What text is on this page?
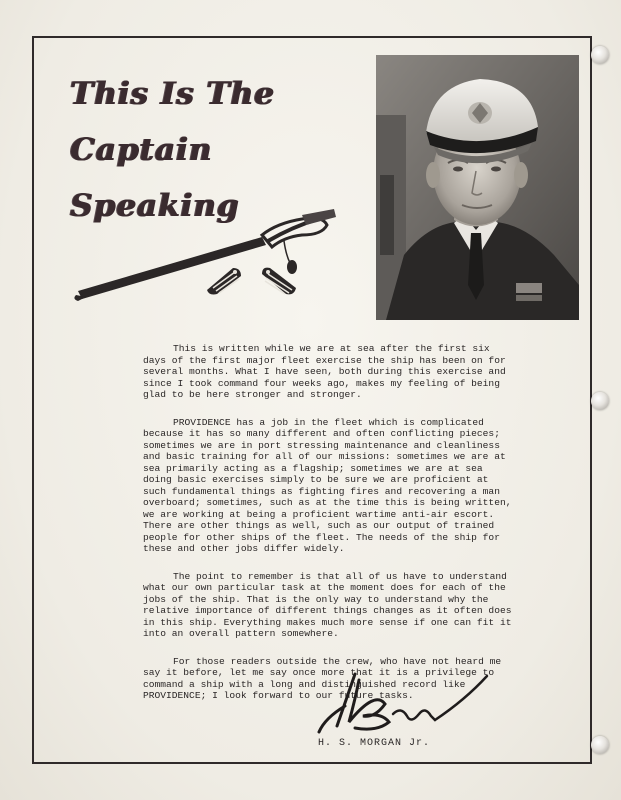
This Is The
Captain Speaking

This is written while we are at sea after the first six days of the first major fleet exercise the ship has been on for several months. What I have seen, both during this exercise and since I took command four weeks ago, makes my feeling of being glad to be here stronger and stronger.

PROVIDENCE has a job in the fleet which is complicated because it has so many different and often conflicting pieces; sometimes we are in port stressing maintenance and cleanliness and basic training for all of our missions: sometimes we are at sea primarily acting as a flagship; sometimes we are at sea doing basic exercises simply to be sure we are proficient at such fundamental things as fighting fires and recovering a man overboard; sometimes, such as at the time this is being written, we are working at being a proficient wartime anti-air escort. There are other things as well, such as our output of trained people for other ships of the fleet. The needs of the ship for these and other jobs differ widely.

The point to remember is that all of us have to understand what our own particular task at the moment does for each of the jobs of the ship. That is the only way to understand why the relative importance of different things changes as it often does in this ship. Everything makes much more sense if one can fit it into an overall pattern somewhere.

For those readers outside the crew, who have not heard me say it before, let me say once more that it is a privilege to command a ship with a long and distinguished record like PROVIDENCE; I look forward to our future tasks.

H. S. MORGAN Jr.
